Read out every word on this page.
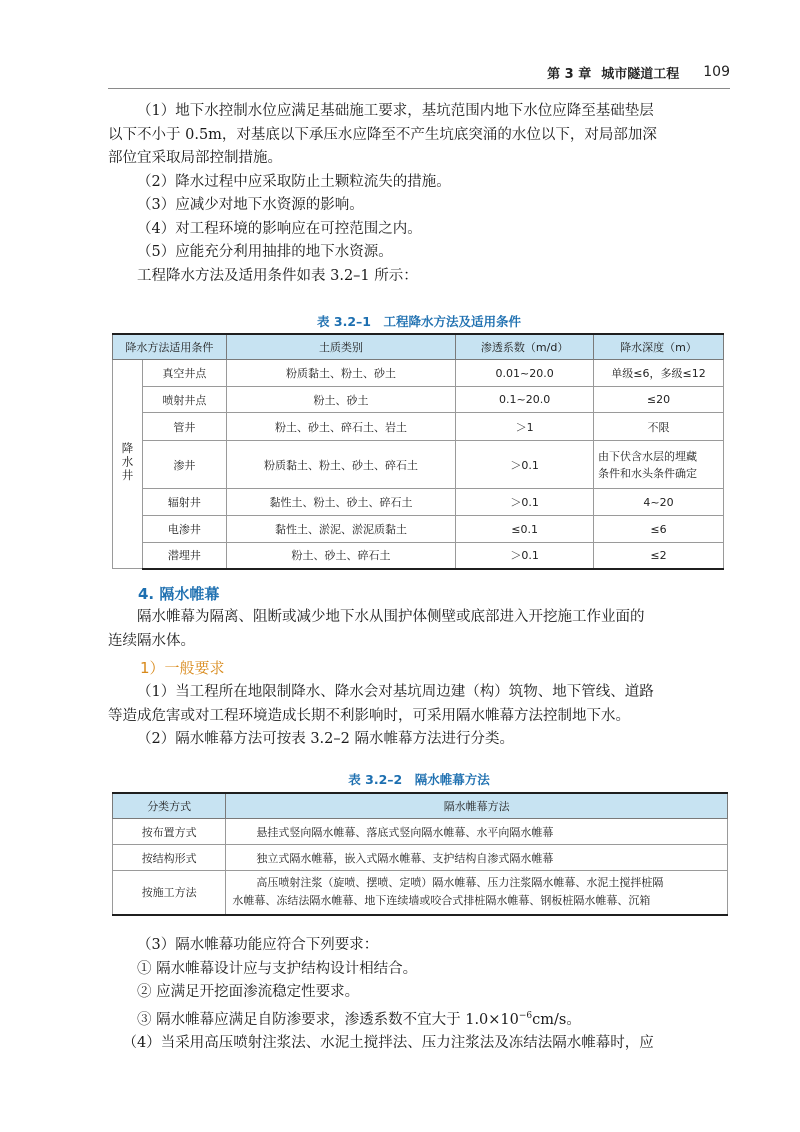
第 3 章 城市隧道工程 109

（1）地下水控制水位应满足基础施工要求，基坑范围内地下水位应降至基础垫层
以下不小于 0.5m，对基底以下承压水应降至不产生坑底突涌的水位以下，对局部加深
部位宜采取局部控制措施。

（2）降水过程中应采取防止土颗粒流失的措施。

（3）应减少对地下水资源的影响。

（4）对工程环境的影响应在可控范围之内。

（5）应能充分利用抽排的地下水资源。

工程降水方法及适用条件如表 3.2–1 所示：

表 3.2–1　工程降水方法及适用条件
降水方法适用条件		土质类别	渗透系数（m/d）	降水深度（m）
降水井	真空井点	粉质黏土、粉土、砂土	0.01~20.0	单级≤6，多级≤12
	喷射井点	粉土、砂土	0.1~20.0	≤20
	管井	粉土、砂土、碎石土、岩土	＞1	不限
	渗井	粉质黏土、粉土、砂土、碎石土	＞0.1	由下伏含水层的埋藏
条件和水头条件确定

	辐射井	黏性土、粉土、砂土、碎石土	＞0.1	4~20
	电渗井	黏性土、淤泥、淤泥质黏土	≤0.1	≤6
	潜埋井	粉土、砂土、碎石土	＞0.1	≤2
4. 隔水帷幕

隔水帷幕为隔离、阻断或减少地下水从围护体侧壁或底部进入开挖施工作业面的
连续隔水体。

1）一般要求

（1）当工程所在地限制降水、降水会对基坑周边建（构）筑物、地下管线、道路
等造成危害或对工程环境造成长期不利影响时，可采用隔水帷幕方法控制地下水。

（2）隔水帷幕方法可按表 3.2–2 隔水帷幕方法进行分类。

表 3.2–2　隔水帷幕方法
分类方式	隔水帷幕方法
按布置方式	悬挂式竖向隔水帷幕、落底式竖向隔水帷幕、水平向隔水帷幕
按结构形式	独立式隔水帷幕，嵌入式隔水帷幕、支护结构自渗式隔水帷幕
按施工方法	高压喷射注浆（旋喷、摆喷、定喷）隔水帷幕、压力注浆隔水帷幕、水泥土搅拌桩隔
水帷幕、冻结法隔水帷幕、地下连续墙或咬合式排桩隔水帷幕、钢板桩隔水帷幕、沉箱

（3）隔水帷幕功能应符合下列要求：

① 隔水帷幕设计应与支护结构设计相结合。

② 应满足开挖面渗流稳定性要求。

③ 隔水帷幕应满足自防渗要求，渗透系数不宜大于 $1.0\times 10^{-6}cm/s$。

（4）当采用高压喷射注浆法、水泥土搅拌法、压力注浆法及冻结法隔水帷幕时，应
